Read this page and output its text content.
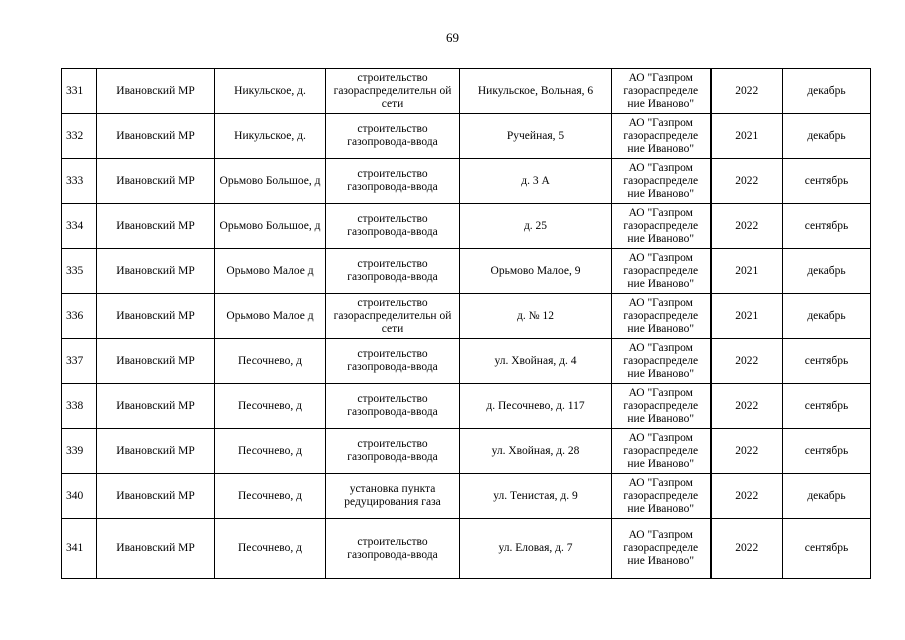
69
331	Ивановский МР	Никульское, д.	строительство газораспределительн ой сети	Никульское, Вольная, 6	АО "Газпром газораспределе ние Иваново"	2022	декабрь
332	Ивановский МР	Никульское, д.	строительство газопровода-ввода	Ручейная, 5	АО "Газпром газораспределе ние Иваново"	2021	декабрь
333	Ивановский МР	Орьмово Большое, д	строительство газопровода-ввода	д. 3 А	АО "Газпром газораспределе ние Иваново"	2022	сентябрь
334	Ивановский МР	Орьмово Большое, д	строительство газопровода-ввода	д. 25	АО "Газпром газораспределе ние Иваново"	2022	сентябрь
335	Ивановский МР	Орьмово Малое д	строительство газопровода-ввода	Орьмово Малое, 9	АО "Газпром газораспределе ние Иваново"	2021	декабрь
336	Ивановский МР	Орьмово Малое д	строительство газораспределительн ой сети	д. № 12	АО "Газпром газораспределе ние Иваново"	2021	декабрь
337	Ивановский МР	Песочнево, д	строительство газопровода-ввода	ул. Хвойная, д. 4	АО "Газпром газораспределе ние Иваново"	2022	сентябрь
338	Ивановский МР	Песочнево, д	строительство газопровода-ввода	д. Песочнево, д. 117	АО "Газпром газораспределе ние Иваново"	2022	сентябрь
339	Ивановский МР	Песочнево, д	строительство газопровода-ввода	ул. Хвойная, д. 28	АО "Газпром газораспределе ние Иваново"	2022	сентябрь
340	Ивановский МР	Песочнево, д	установка пункта редуцирования газа	ул. Тенистая, д. 9	АО "Газпром газораспределе ние Иваново"	2022	декабрь
341	Ивановский МР	Песочнево, д	строительство газопровода-ввода	ул. Еловая, д. 7	АО "Газпром газораспределе ние Иваново"	2022	сентябрь
